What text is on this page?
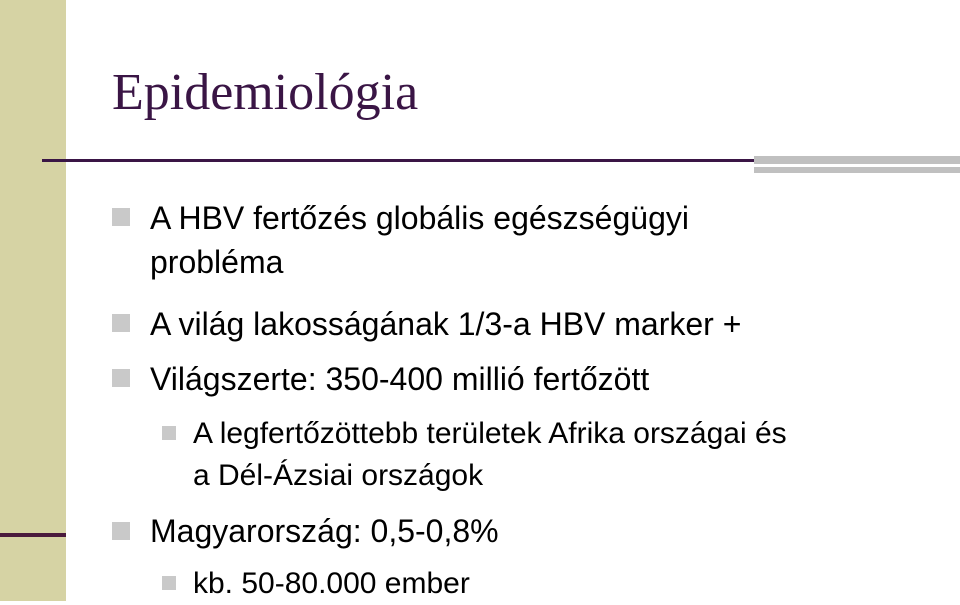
Epidemiológia
A HBV fertőzés globális egészségügyi
probléma
A világ lakosságának 1/3-a HBV marker +
Világszerte: 350-400 millió fertőzött
A legfertőzöttebb területek Afrika országai és
a Dél-Ázsiai országok
Magyarország: 0,5-0,8%
kb. 50-80.000 ember
